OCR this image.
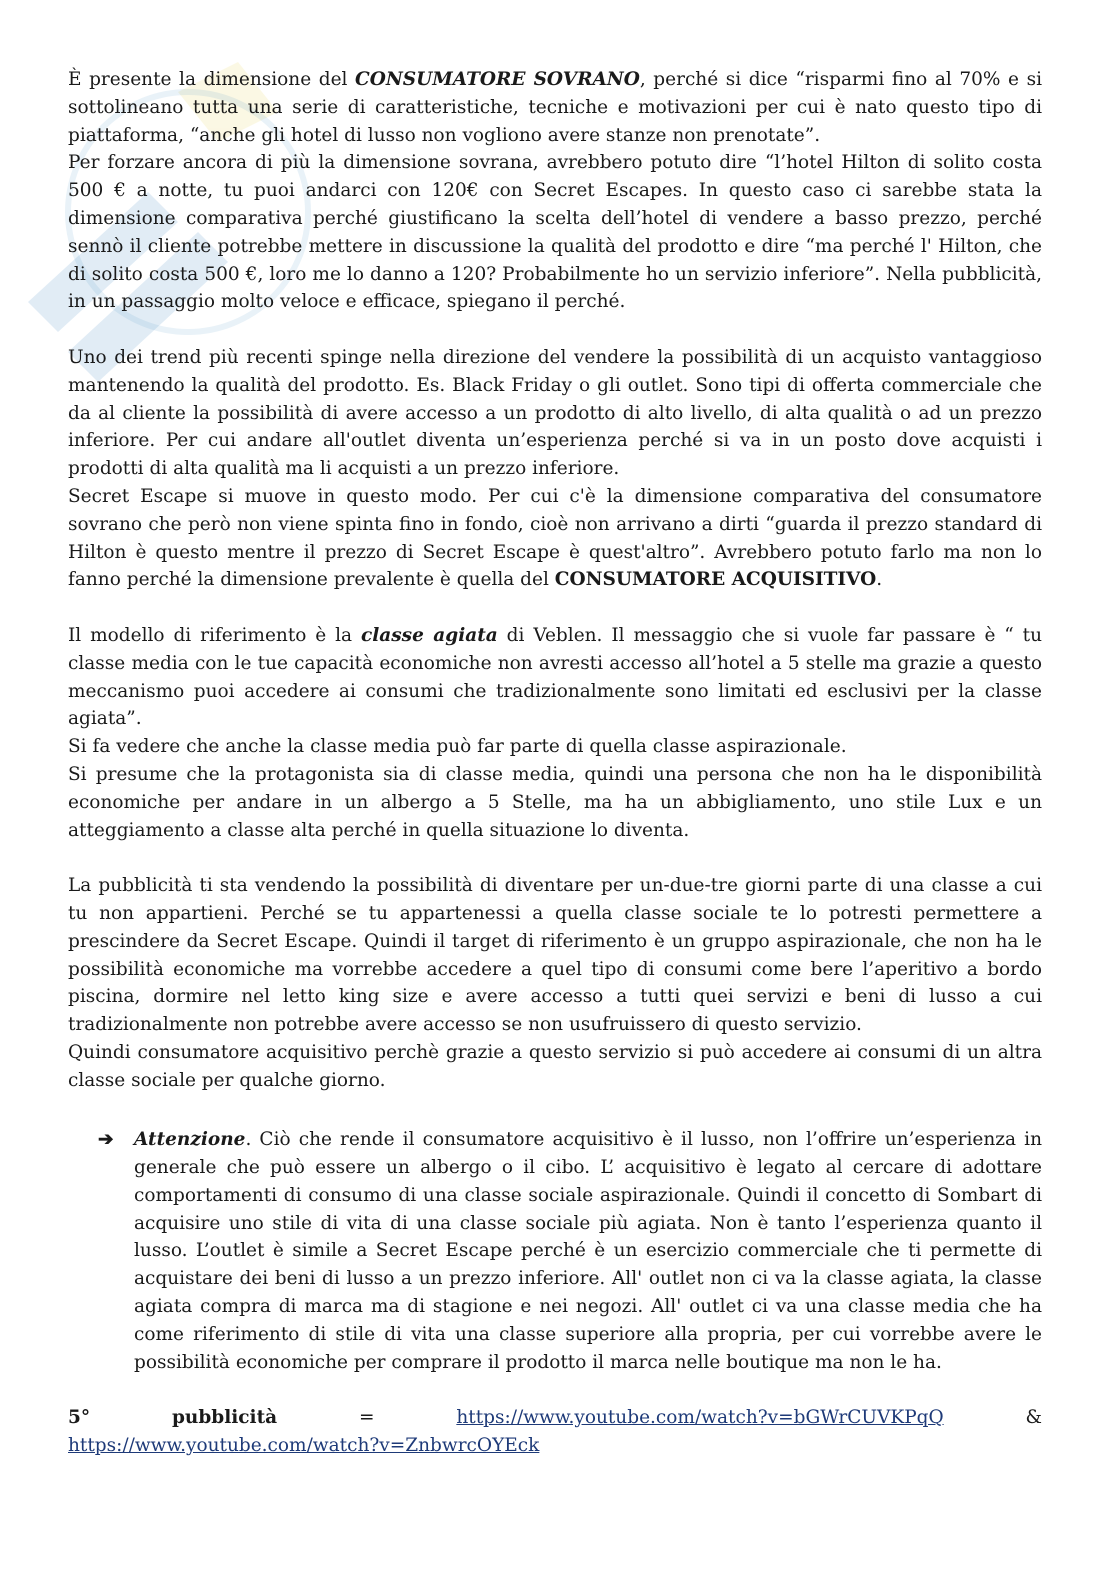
È presente la dimensione del CONSUMATORE SOVRANO, perché si dice “risparmi fino al 70% e si sottolineano tutta una serie di caratteristiche, tecniche e motivazioni per cui è nato questo tipo di piattaforma, “anche gli hotel di lusso non vogliono avere stanze non prenotate”.

Per forzare ancora di più la dimensione sovrana, avrebbero potuto dire “l’hotel Hilton di solito costa 500 € a notte, tu puoi andarci con 120€ con Secret Escapes. In questo caso ci sarebbe stata la dimensione comparativa perché giustificano la scelta dell’hotel di vendere a basso prezzo, perché sennò il cliente potrebbe mettere in discussione la qualità del prodotto e dire “ma perché l' Hilton, che di solito costa 500 €, loro me lo danno a 120? Probabilmente ho un servizio inferiore”. Nella pubblicità, in un passaggio molto veloce e efficace, spiegano il perché.

Uno dei trend più recenti spinge nella direzione del vendere la possibilità di un acquisto vantaggioso mantenendo la qualità del prodotto. Es. Black Friday o gli outlet. Sono tipi di offerta commerciale che da al cliente la possibilità di avere accesso a un prodotto di alto livello, di alta qualità o ad un prezzo inferiore. Per cui andare all'outlet diventa un’esperienza perché si va in un posto dove acquisti i prodotti di alta qualità ma li acquisti a un prezzo inferiore.

Secret Escape si muove in questo modo. Per cui c'è la dimensione comparativa del consumatore sovrano che però non viene spinta fino in fondo, cioè non arrivano a dirti “guarda il prezzo standard di Hilton è questo mentre il prezzo di Secret Escape è quest'altro”. Avrebbero potuto farlo ma non lo fanno perché la dimensione prevalente è quella del CONSUMATORE ACQUISITIVO.

Il modello di riferimento è la classe agiata di Veblen. Il messaggio che si vuole far passare è “ tu classe media con le tue capacità economiche non avresti accesso all’hotel a 5 stelle ma grazie a questo meccanismo puoi accedere ai consumi che tradizionalmente sono limitati ed esclusivi per la classe agiata”.

Si fa vedere che anche la classe media può far parte di quella classe aspirazionale.

Si presume che la protagonista sia di classe media, quindi una persona che non ha le disponibilità economiche per andare in un albergo a 5 Stelle, ma ha un abbigliamento, uno stile Lux e un atteggiamento a classe alta perché in quella situazione lo diventa.

La pubblicità ti sta vendendo la possibilità di diventare per un-due-tre giorni parte di una classe a cui tu non appartieni. Perché se tu appartenessi a quella classe sociale te lo potresti permettere a prescindere da Secret Escape. Quindi il target di riferimento è un gruppo aspirazionale, che non ha le possibilità economiche ma vorrebbe accedere a quel tipo di consumi come bere l’aperitivo a bordo piscina, dormire nel letto king size e avere accesso a tutti quei servizi e beni di lusso a cui tradizionalmente non potrebbe avere accesso se non usufruissero di questo servizio.

Quindi consumatore acquisitivo perchè grazie a questo servizio si può accedere ai consumi di un altra classe sociale per qualche giorno.

➔	Attenzione. Ciò che rende il consumatore acquisitivo è il lusso, non l’offrire un’esperienza in generale che può essere un albergo o il cibo. L’ acquisitivo è legato al cercare di adottare comportamenti di consumo di una classe sociale aspirazionale. Quindi il concetto di Sombart di acquisire uno stile di vita di una classe sociale più agiata. Non è tanto l’esperienza quanto il lusso. L’outlet è simile a Secret Escape perché è un esercizio commerciale che ti permette di acquistare dei beni di lusso a un prezzo inferiore. All' outlet non ci va la classe agiata, la classe agiata compra di marca ma di stagione e nei negozi. All' outlet ci va una classe media che ha come riferimento di stile di vita una classe superiore alla propria, per cui vorrebbe avere le possibilità economiche per comprare il prodotto il marca nelle boutique ma non le ha.

5°	pubblicità	=	https://www.youtube.com/watch?v=bGWrCUVKPqQ	&

https://www.youtube.com/watch?v=ZnbwrcOYEck
